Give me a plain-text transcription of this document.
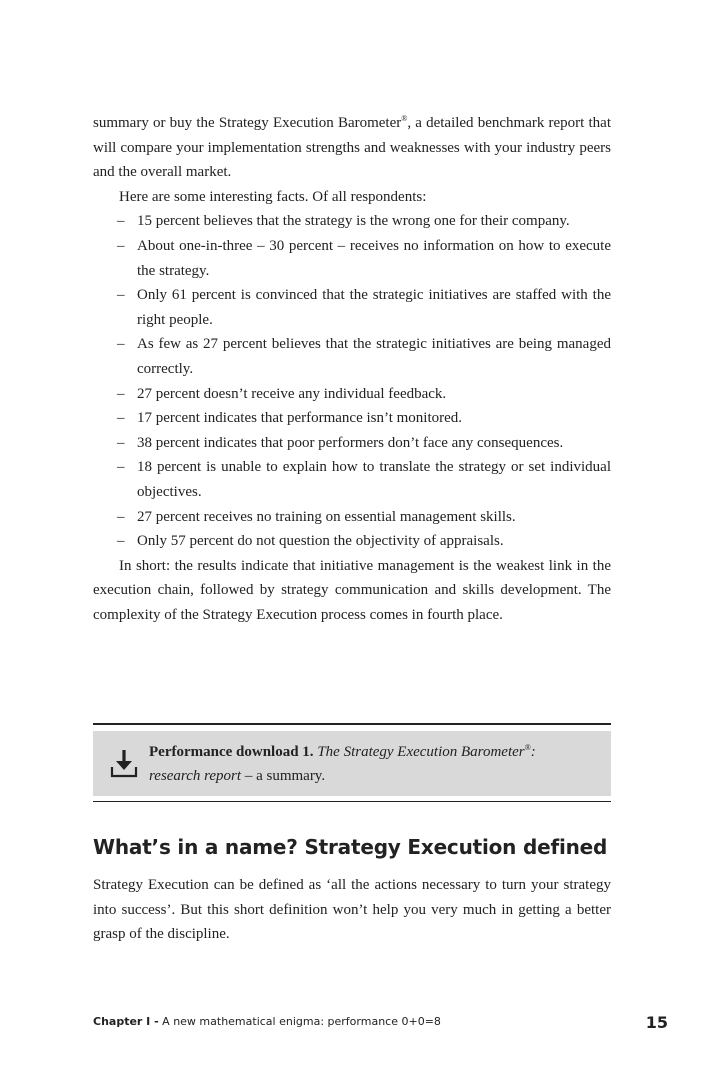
summary or buy the Strategy Execution Barometer®, a detailed benchmark report that will compare your implementation strengths and weaknesses with your industry peers and the overall market.

Here are some interesting facts. Of all respondents:

– 15 percent believes that the strategy is the wrong one for their company.
– About one-in-three – 30 percent – receives no information on how to execute the strategy.
– Only 61 percent is convinced that the strategic initiatives are staffed with the right people.
– As few as 27 percent believes that the strategic initiatives are being managed correctly.
– 27 percent doesn’t receive any individual feedback.
– 17 percent indicates that performance isn’t monitored.
– 38 percent indicates that poor performers don’t face any consequences.
– 18 percent is unable to explain how to translate the strategy or set individual objectives.
– 27 percent receives no training on essential management skills.
– Only 57 percent do not question the objectivity of appraisals.

In short: the results indicate that initiative management is the weakest link in the execution chain, followed by strategy communication and skills development. The complexity of the Strategy Execution process comes in fourth place.

Performance download 1. The Strategy Execution Barometer®: research report – a summary.
What’s in a name? Strategy Execution defined

Strategy Execution can be defined as ‘all the actions necessary to turn your strategy into success’. But this short definition won’t help you very much in getting a better grasp of the discipline.

Chapter I - A new mathematical enigma: performance 0+0=8	15
